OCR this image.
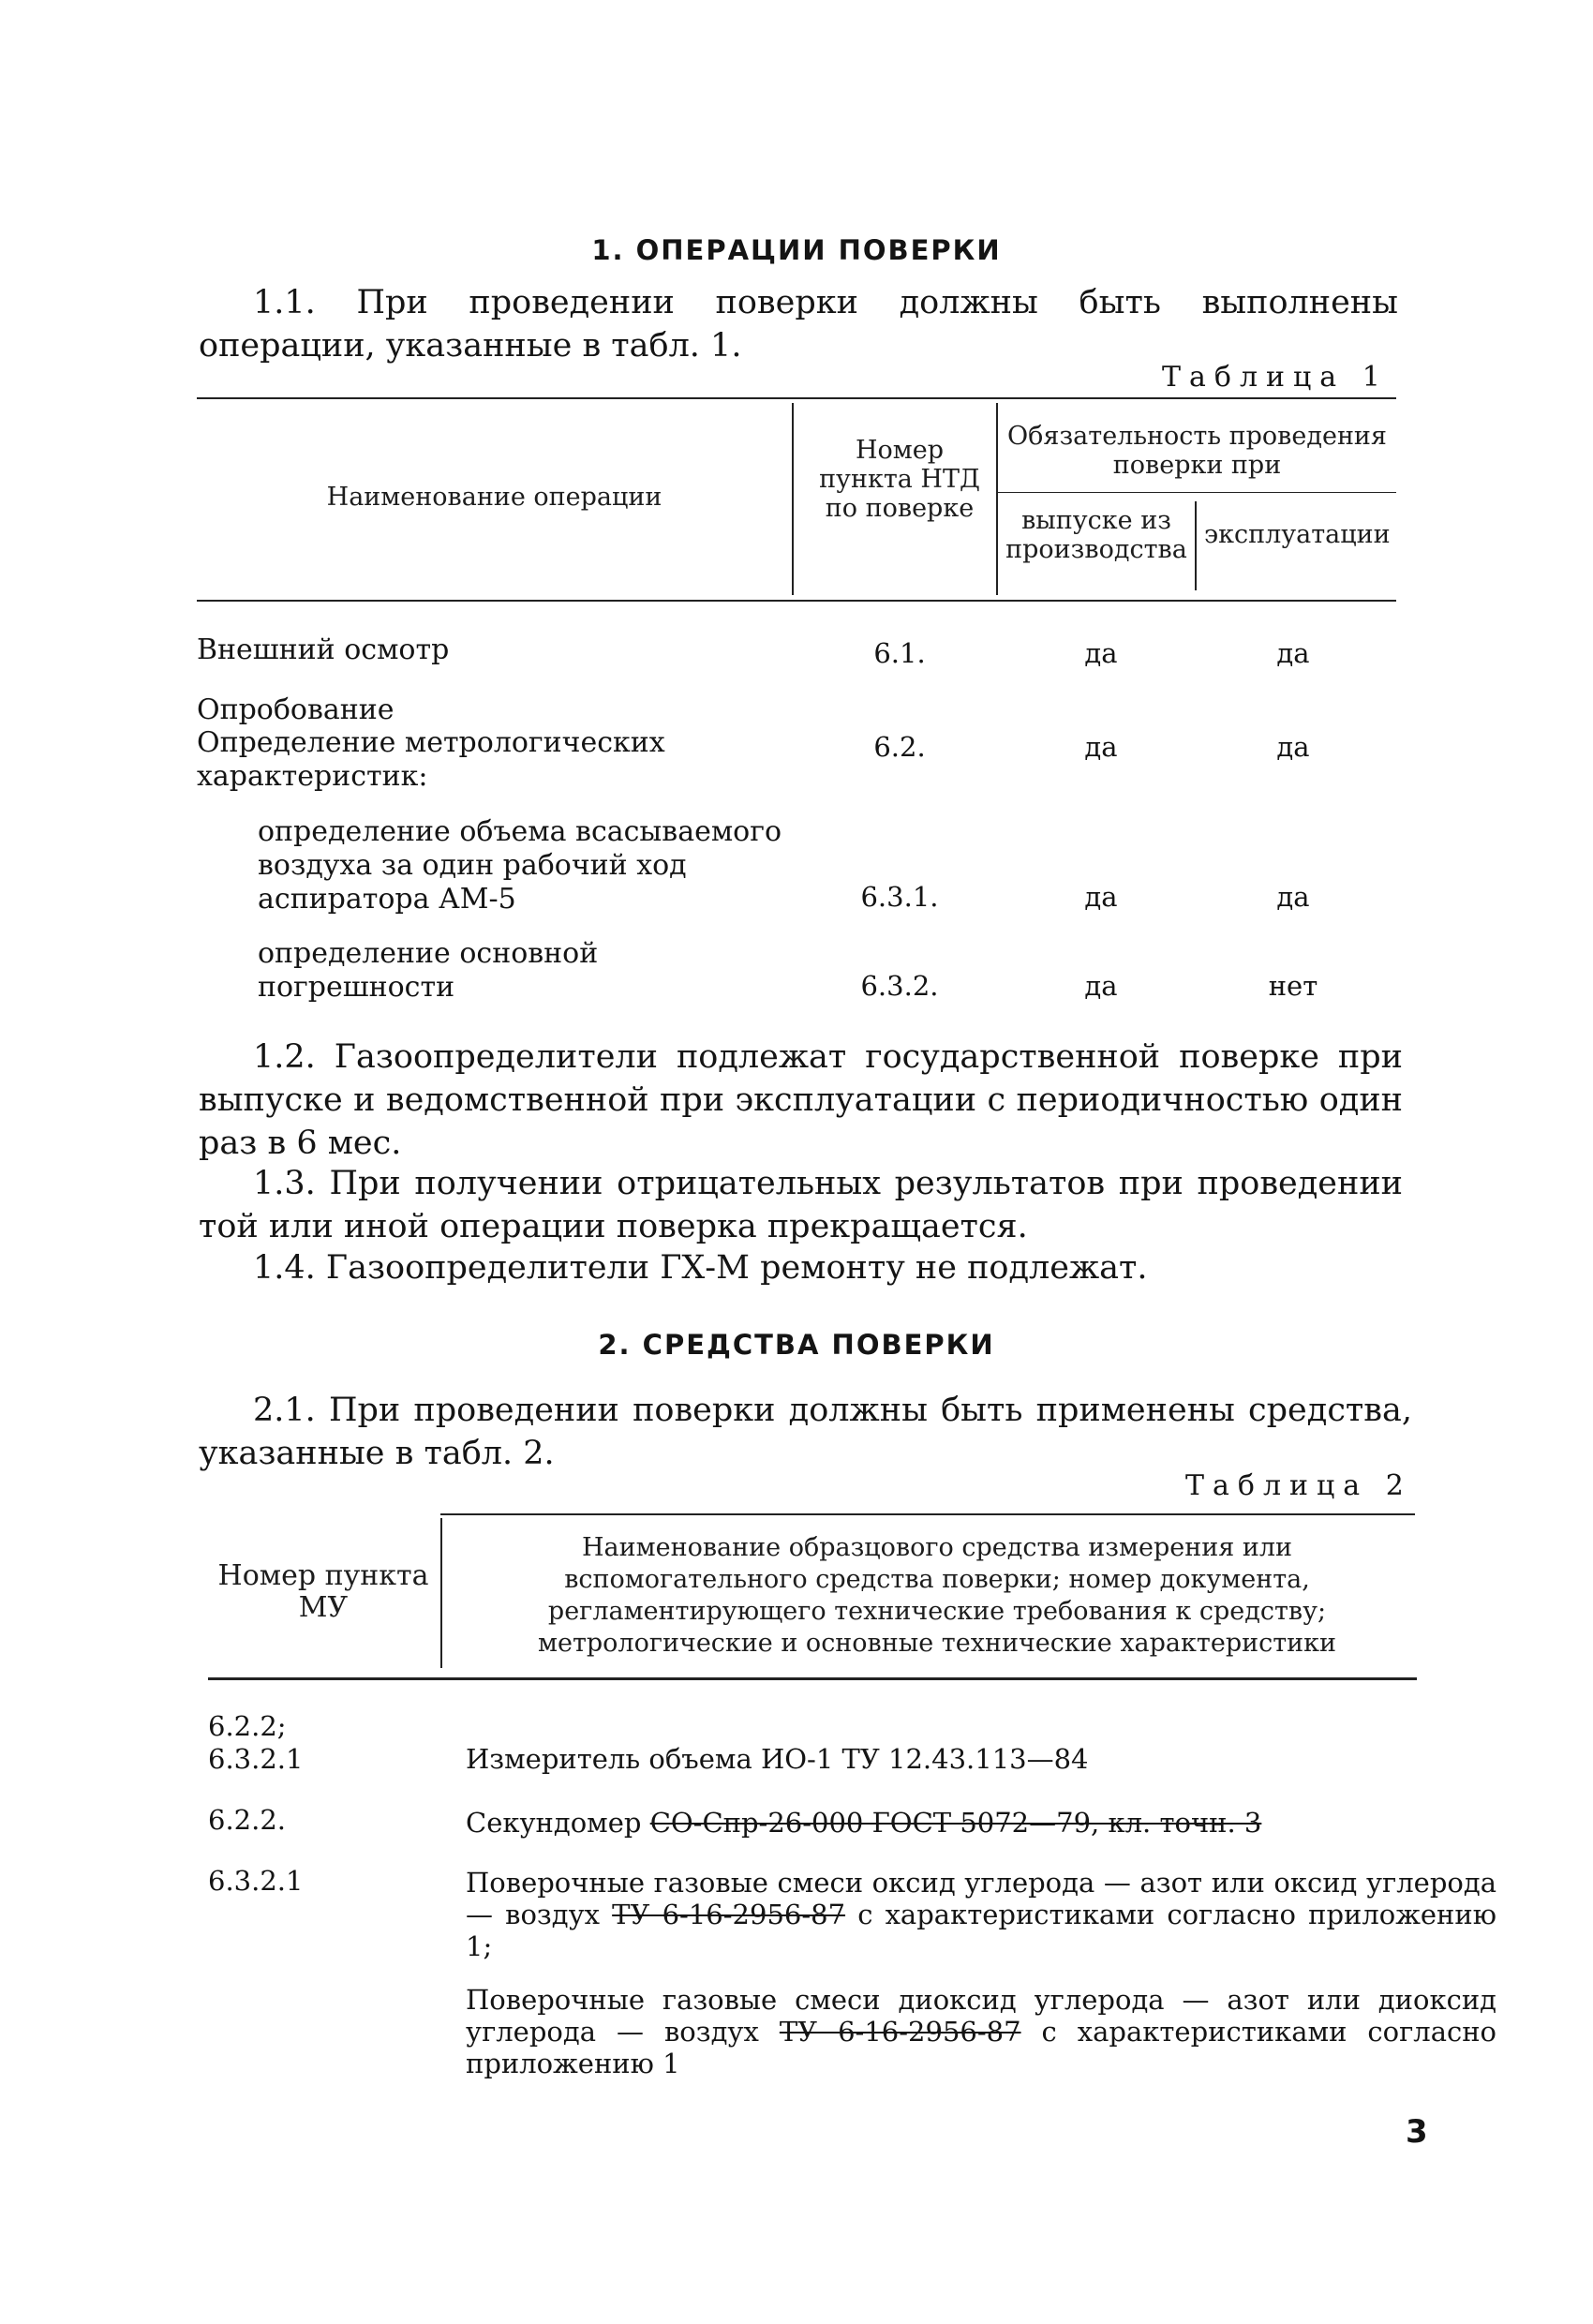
1. ОПЕРАЦИИ ПОВЕРКИ
1.1. При проведении поверки должны быть выполнены операции, указанные в табл. 1.
Таблица 1
Наименование операции
Номер пункта НТД по поверке
Обязательность проведения поверки при
выпуске из производства
эксплуатации
Внешний осмотр	6.1.	да	да
Опробование
Определение метрологических характеристик:
6.2.	да	да
определение объема всасываемого воздуха за один рабочий ход аспиратора АМ-5	6.3.1.	да	да
определение основной погрешности	6.3.2.	да	нет
1.2. Газоопределители подлежат государственной поверке при выпуске и ведомственной при эксплуатации с периодичностью один раз в 6 мес.
1.3. При получении отрицательных результатов при проведении той или иной операции поверка прекращается.
1.4. Газоопределители ГХ-М ремонту не подлежат.
2. СРЕДСТВА ПОВЕРКИ
2.1. При проведении поверки должны быть применены средства, указанные в табл. 2.
Таблица 2
Номер пункта МУ
Наименование образцового средства измерения или вспомогательного средства поверки; номер документа, регламентирующего технические требования к средству; метрологические и основные технические характеристики
6.2.2;
6.3.2.1	Измеритель объема ИО-1 ТУ 12.43.113—84
6.2.2.	Секундомер СО-Спр-26-000 ГОСТ 5072—79, кл. точн. 3
6.3.2.1	Поверочные газовые смеси оксид углерода — азот или оксид углерода — воздух ТУ 6-16-2956-87 с характеристиками согласно приложению 1;
Поверочные газовые смеси диоксид углерода — азот или диоксид углерода — воздух ТУ 6-16-2956-87 с характеристиками согласно приложению 1
3
